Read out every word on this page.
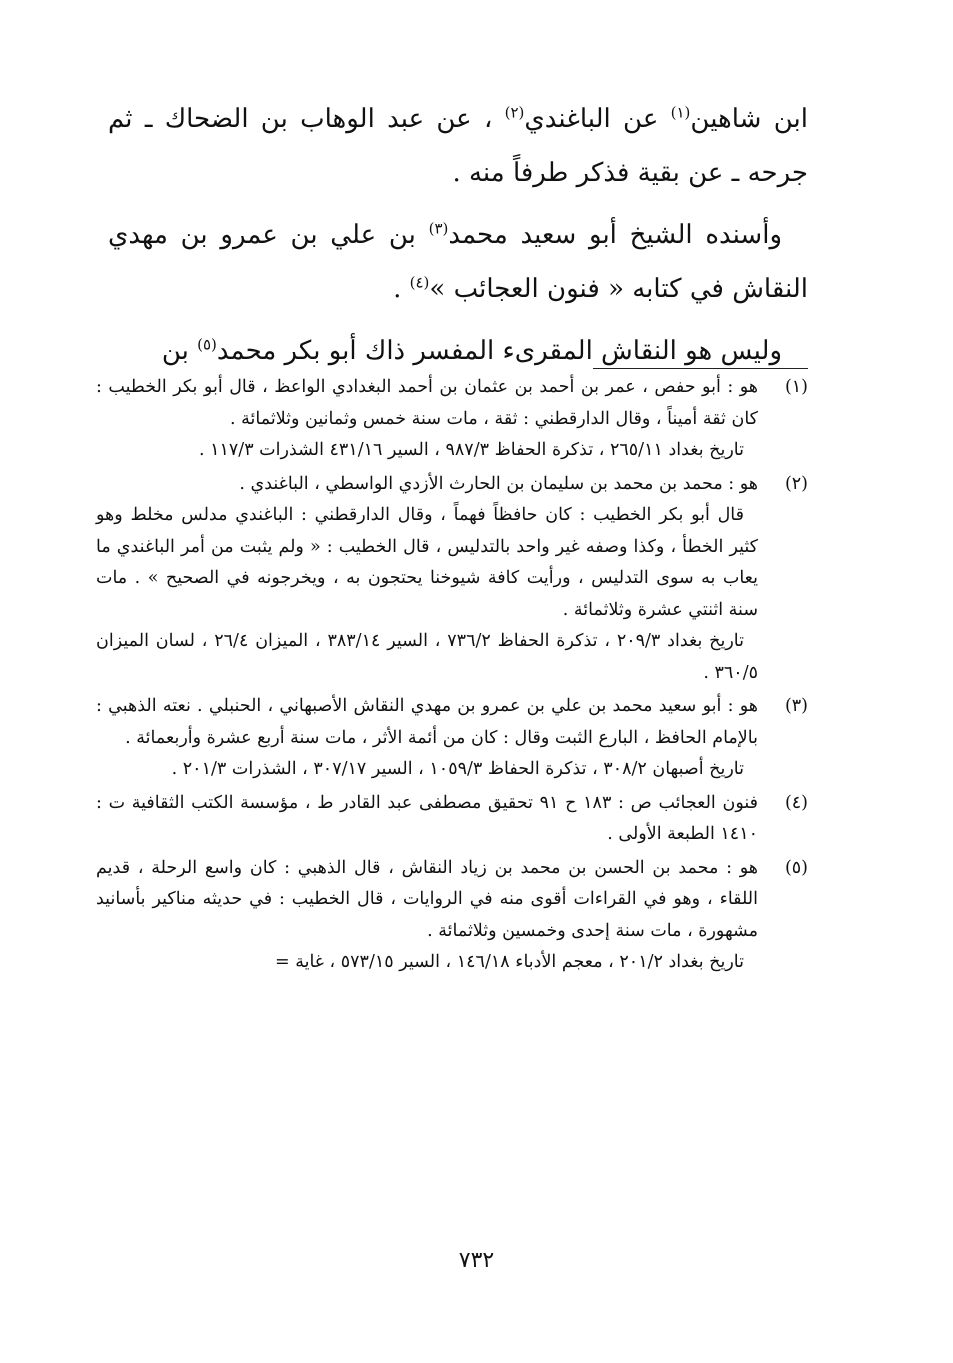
ابن شاهين$^{(١)}$ عن الباغندي$^{(٢)}$ ، عن عبد الوهاب بن الضحاك ـ ثم جرحه ـ عن بقية فذكر طرفاً منه .

وأسنده الشيخ أبو سعيد محمد$^{(٣)}$ بن علي بن عمرو بن مهدي النقاش في كتابه « فنون العجائب »$^{(٤)}$ .

وليس هو النقاش المقرىء المفسر ذاك أبو بكر محمد$^{(٥)}$ بن

(١)

هو : أبو حفص ، عمر بن أحمد بن عثمان بن أحمد البغدادي الواعظ ، قال أبو بكر الخطيب : كان ثقة أميناً ، وقال الدارقطني : ثقة ، مات سنة خمس وثمانين وثلاثمائة .

تاريخ بغداد ٢٦٥/١١ ، تذكرة الحفاظ ٩٨٧/٣ ، السير ٤٣١/١٦ الشذرات ١١٧/٣ .

(٢)

هو : محمد بن محمد بن سليمان بن الحارث الأزدي الواسطي ، الباغندي .

قال أبو بكر الخطيب : كان حافظاً فهماً ، وقال الدارقطني : الباغندي مدلس مخلط وهو كثير الخطأ ، وكذا وصفه غير واحد بالتدليس ، قال الخطيب : « ولم يثبت من أمر الباغندي ما يعاب به سوى التدليس ، ورأيت كافة شيوخنا يحتجون به ، ويخرجونه في الصحيح » . مات سنة اثنتي عشرة وثلاثمائة .

تاريخ بغداد ٢٠٩/٣ ، تذكرة الحفاظ ٧٣٦/٢ ، السير ٣٨٣/١٤ ، الميزان ٢٦/٤ ، لسان الميزان ٣٦٠/٥ .

(٣)

هو : أبو سعيد محمد بن علي بن عمرو بن مهدي النقاش الأصبهاني ، الحنبلي . نعته الذهبي : بالإمام الحافظ ، البارع الثبت وقال : كان من أئمة الأثر ، مات سنة أربع عشرة وأربعمائة .

تاريخ أصبهان ٣٠٨/٢ ، تذكرة الحفاظ ١٠٥٩/٣ ، السير ٣٠٧/١٧ ، الشذرات ٢٠١/٣ .

(٤)

فنون العجائب ص : ١٨٣ ح ٩١ تحقيق مصطفى عبد القادر ط ، مؤسسة الكتب الثقافية ت : ١٤١٠ الطبعة الأولى .

(٥)

هو : محمد بن الحسن بن محمد بن زياد النقاش ، قال الذهبي : كان واسع الرحلة ، قديم اللقاء ، وهو في القراءات أقوى منه في الروايات ، قال الخطيب : في حديثه مناكير بأسانيد مشهورة ، مات سنة إحدى وخمسين وثلاثمائة .

تاريخ بغداد ٢٠١/٢ ، معجم الأدباء ١٤٦/١٨ ، السير ٥٧٣/١٥ ، غاية =

٧٣٢
